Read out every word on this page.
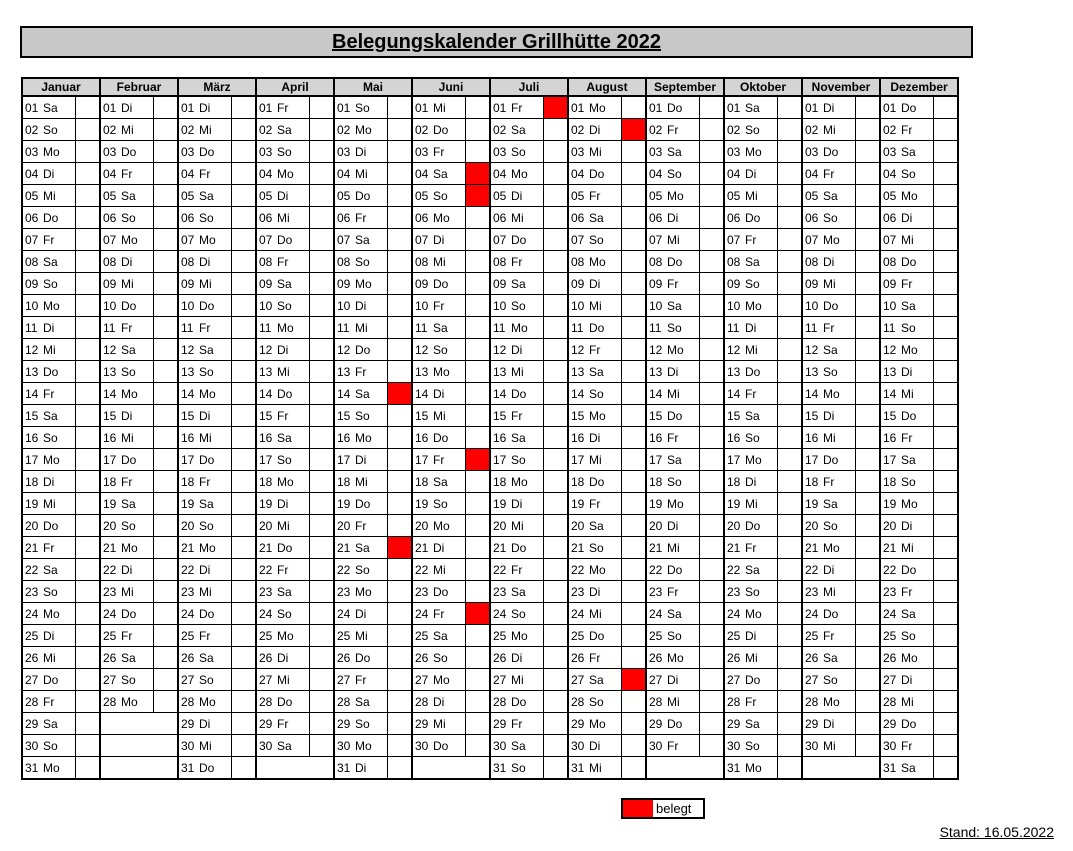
Belegungskalender Grillhütte 2022
Januar			Februar			März			April			Mai			Juni			Juli			August			September			Oktober			November			Dezember		
01	Sa		01	Di		01	Di		01	Fr		01	So		01	Mi		01	Fr		01	Mo		01	Do		01	Sa		01	Di		01	Do	
02	So		02	Mi		02	Mi		02	Sa		02	Mo		02	Do		02	Sa		02	Di		02	Fr		02	So		02	Mi		02	Fr	
03	Mo		03	Do		03	Do		03	So		03	Di		03	Fr		03	So		03	Mi		03	Sa		03	Mo		03	Do		03	Sa	
04	Di		04	Fr		04	Fr		04	Mo		04	Mi		04	Sa		04	Mo		04	Do		04	So		04	Di		04	Fr		04	So	
05	Mi		05	Sa		05	Sa		05	Di		05	Do		05	So		05	Di		05	Fr		05	Mo		05	Mi		05	Sa		05	Mo	
06	Do		06	So		06	So		06	Mi		06	Fr		06	Mo		06	Mi		06	Sa		06	Di		06	Do		06	So		06	Di	
07	Fr		07	Mo		07	Mo		07	Do		07	Sa		07	Di		07	Do		07	So		07	Mi		07	Fr		07	Mo		07	Mi	
08	Sa		08	Di		08	Di		08	Fr		08	So		08	Mi		08	Fr		08	Mo		08	Do		08	Sa		08	Di		08	Do	
09	So		09	Mi		09	Mi		09	Sa		09	Mo		09	Do		09	Sa		09	Di		09	Fr		09	So		09	Mi		09	Fr	
10	Mo		10	Do		10	Do		10	So		10	Di		10	Fr		10	So		10	Mi		10	Sa		10	Mo		10	Do		10	Sa	
11	Di		11	Fr		11	Fr		11	Mo		11	Mi		11	Sa		11	Mo		11	Do		11	So		11	Di		11	Fr		11	So	
12	Mi		12	Sa		12	Sa		12	Di		12	Do		12	So		12	Di		12	Fr		12	Mo		12	Mi		12	Sa		12	Mo	
13	Do		13	So		13	So		13	Mi		13	Fr		13	Mo		13	Mi		13	Sa		13	Di		13	Do		13	So		13	Di	
14	Fr		14	Mo		14	Mo		14	Do		14	Sa		14	Di		14	Do		14	So		14	Mi		14	Fr		14	Mo		14	Mi	
15	Sa		15	Di		15	Di		15	Fr		15	So		15	Mi		15	Fr		15	Mo		15	Do		15	Sa		15	Di		15	Do	
16	So		16	Mi		16	Mi		16	Sa		16	Mo		16	Do		16	Sa		16	Di		16	Fr		16	So		16	Mi		16	Fr	
17	Mo		17	Do		17	Do		17	So		17	Di		17	Fr		17	So		17	Mi		17	Sa		17	Mo		17	Do		17	Sa	
18	Di		18	Fr		18	Fr		18	Mo		18	Mi		18	Sa		18	Mo		18	Do		18	So		18	Di		18	Fr		18	So	
19	Mi		19	Sa		19	Sa		19	Di		19	Do		19	So		19	Di		19	Fr		19	Mo		19	Mi		19	Sa		19	Mo	
20	Do		20	So		20	So		20	Mi		20	Fr		20	Mo		20	Mi		20	Sa		20	Di		20	Do		20	So		20	Di	
21	Fr		21	Mo		21	Mo		21	Do		21	Sa		21	Di		21	Do		21	So		21	Mi		21	Fr		21	Mo		21	Mi	
22	Sa		22	Di		22	Di		22	Fr		22	So		22	Mi		22	Fr		22	Mo		22	Do		22	Sa		22	Di		22	Do	
23	So		23	Mi		23	Mi		23	Sa		23	Mo		23	Do		23	Sa		23	Di		23	Fr		23	So		23	Mi		23	Fr	
24	Mo		24	Do		24	Do		24	So		24	Di		24	Fr		24	So		24	Mi		24	Sa		24	Mo		24	Do		24	Sa	
25	Di		25	Fr		25	Fr		25	Mo		25	Mi		25	Sa		25	Mo		25	Do		25	So		25	Di		25	Fr		25	So	
26	Mi		26	Sa		26	Sa		26	Di		26	Do		26	So		26	Di		26	Fr		26	Mo		26	Mi		26	Sa		26	Mo	
27	Do		27	So		27	So		27	Mi		27	Fr		27	Mo		27	Mi		27	Sa		27	Di		27	Do		27	So		27	Di	
28	Fr		28	Mo		28	Mo		28	Do		28	Sa		28	Di		28	Do		28	So		28	Mi		28	Fr		28	Mo		28	Mi	
29	Sa					29	Di		29	Fr		29	So		29	Mi		29	Fr		29	Mo		29	Do		29	Sa		29	Di		29	Do	
30	So					30	Mi		30	Sa		30	Mo		30	Do		30	Sa		30	Di		30	Fr		30	So		30	Mi		30	Fr	
31	Mo					31	Do					31	Di					31	So		31	Mi					31	Mo					31	Sa	
belegt
Stand: 16.05.2022
